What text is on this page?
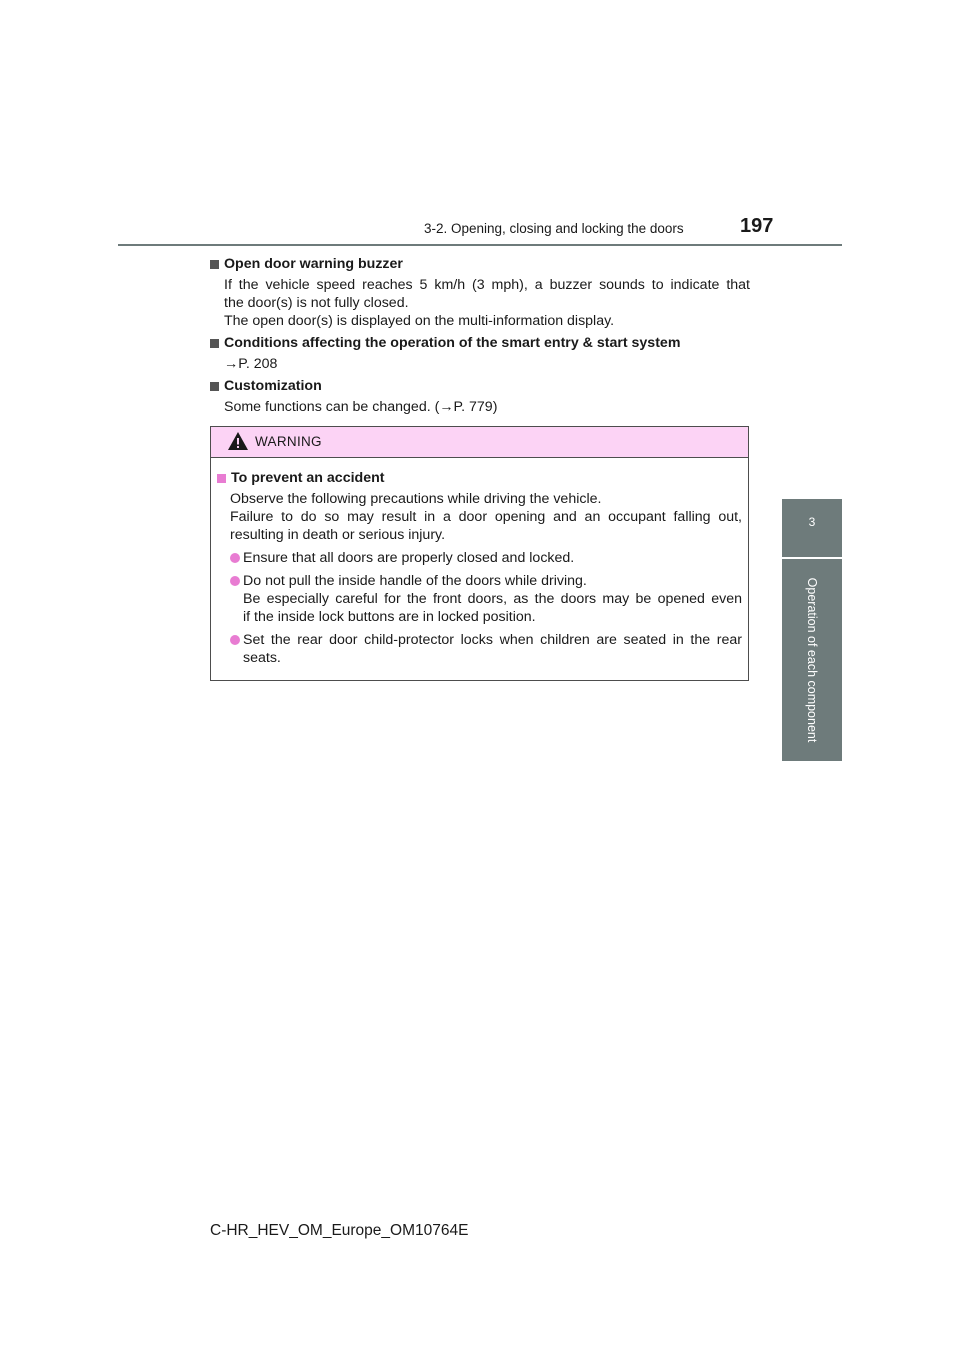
3-2. Opening, closing and locking the doors	197
3
Operation of each component
Open door warning buzzer
If the vehicle speed reaches 5 km/h (3 mph), a buzzer sounds to indicate that
the door(s) is not fully closed.
The open door(s) is displayed on the multi-information display.
Conditions affecting the operation of the smart entry & start system
→P. 208
Customization
Some functions can be changed. (→P. 779)
WARNING
To prevent an accident
Observe the following precautions while driving the vehicle.
Failure to do so may result in a door opening and an occupant falling out,
resulting in death or serious injury.
Ensure that all doors are properly closed and locked.
Do not pull the inside handle of the doors while driving.
Be especially careful for the front doors, as the doors may be opened even
if the inside lock buttons are in locked position.
Set the rear door child-protector locks when children are seated in the rear
seats.
C-HR_HEV_OM_Europe_OM10764E
